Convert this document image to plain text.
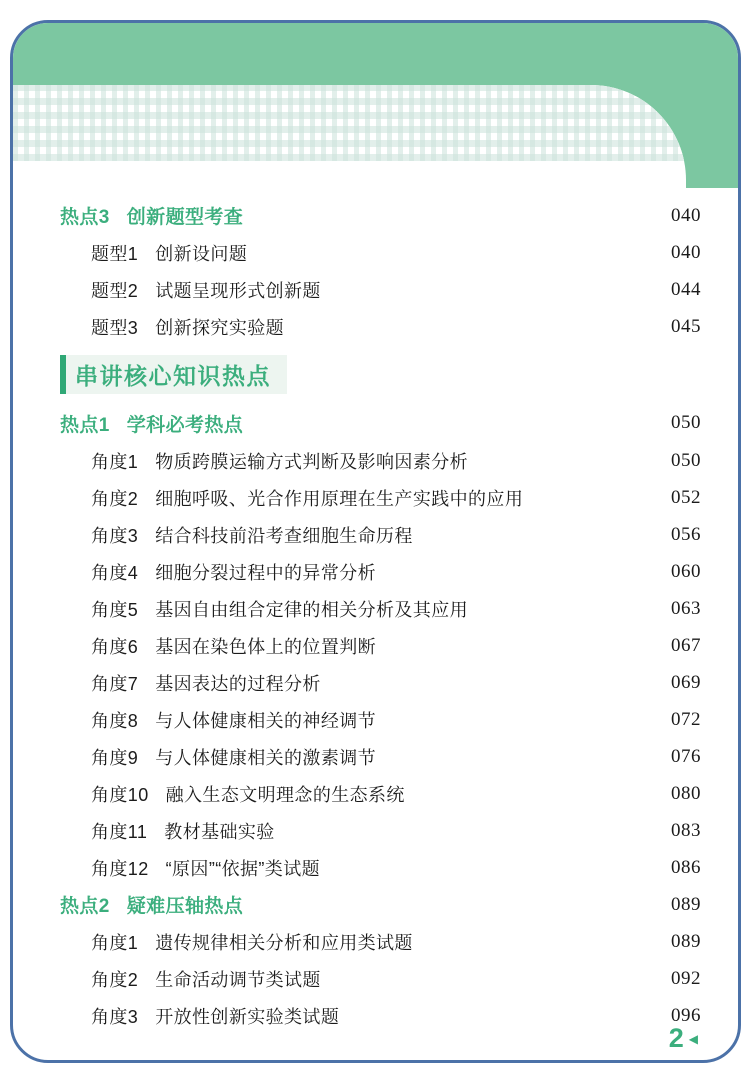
热点3 创新题型考查	040
题型1 创新设问题	040
题型2 试题呈现形式创新题	044
题型3 创新探究实验题	045
串讲核心知识热点
热点1 学科必考热点	050
角度1 物质跨膜运输方式判断及影响因素分析	050
角度2 细胞呼吸、光合作用原理在生产实践中的应用	052
角度3 结合科技前沿考查细胞生命历程	056
角度4 细胞分裂过程中的异常分析	060
角度5 基因自由组合定律的相关分析及其应用	063
角度6 基因在染色体上的位置判断	067
角度7 基因表达的过程分析	069
角度8 与人体健康相关的神经调节	072
角度9 与人体健康相关的激素调节	076
角度10 融入生态文明理念的生态系统	080
角度11 教材基础实验	083
角度12 “原因”“依据”类试题	086
热点2 疑难压轴热点	089
角度1 遗传规律相关分析和应用类试题	089
角度2 生命活动调节类试题	092
角度3 开放性创新实验类试题	096
2 ◀
